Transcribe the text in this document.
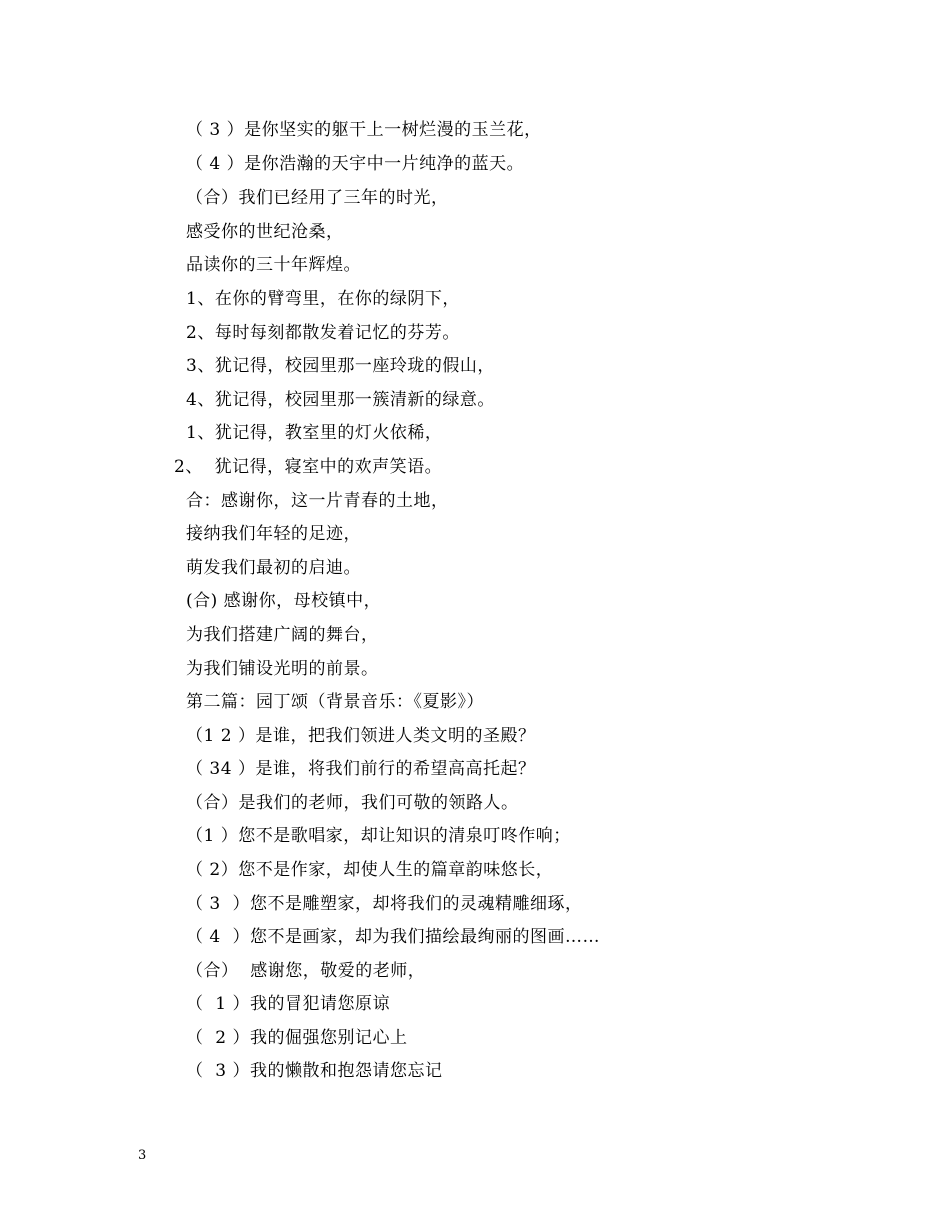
（ 3 ）是你坚实的躯干上一树烂漫的玉兰花，
（ 4 ）是你浩瀚的天宇中一片纯净的蓝天。
（合）我们已经用了三年的时光，
感受你的世纪沧桑，
品读你的三十年辉煌。
1、在你的臂弯里，在你的绿阴下，
2、每时每刻都散发着记忆的芬芳。
3、犹记得，校园里那一座玲珑的假山，
4、犹记得，校园里那一簇清新的绿意。
1、犹记得，教室里的灯火依稀，
2、  犹记得，寝室中的欢声笑语。
合：感谢你，这一片青春的土地，
接纳我们年轻的足迹，
萌发我们最初的启迪。
(合) 感谢你，母校镇中，
为我们搭建广阔的舞台，
为我们铺设光明的前景。
第二篇：园丁颂（背景音乐：《夏影》）
（1 2 ）是谁，把我们领进人类文明的圣殿？
（ 34 ）是谁，将我们前行的希望高高托起？
（合）是我们的老师，我们可敬的领路人。
（1 ）您不是歌唱家，却让知识的清泉叮咚作响；
（ 2）您不是作家，却使人生的篇章韵味悠长，
（ 3  ）您不是雕塑家，却将我们的灵魂精雕细琢，
（ 4  ）您不是画家，却为我们描绘最绚丽的图画……
（合）  感谢您，敬爱的老师，
（  1 ）我的冒犯请您原谅
（  2 ）我的倔强您别记心上
（  3 ）我的懒散和抱怨请您忘记
3
